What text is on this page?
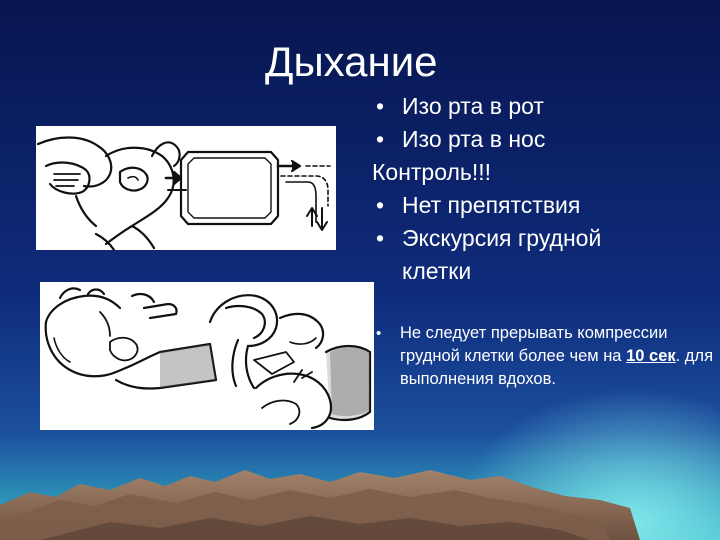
Дыхание
• Изо рта в рот
• Изо рта в нос
Контроль!!!
• Нет препятствия
• Экскурсия грудной
клетки
• Не следует прерывать компрессии грудной клетки более чем на 10 сек. для выполнения вдохов.
